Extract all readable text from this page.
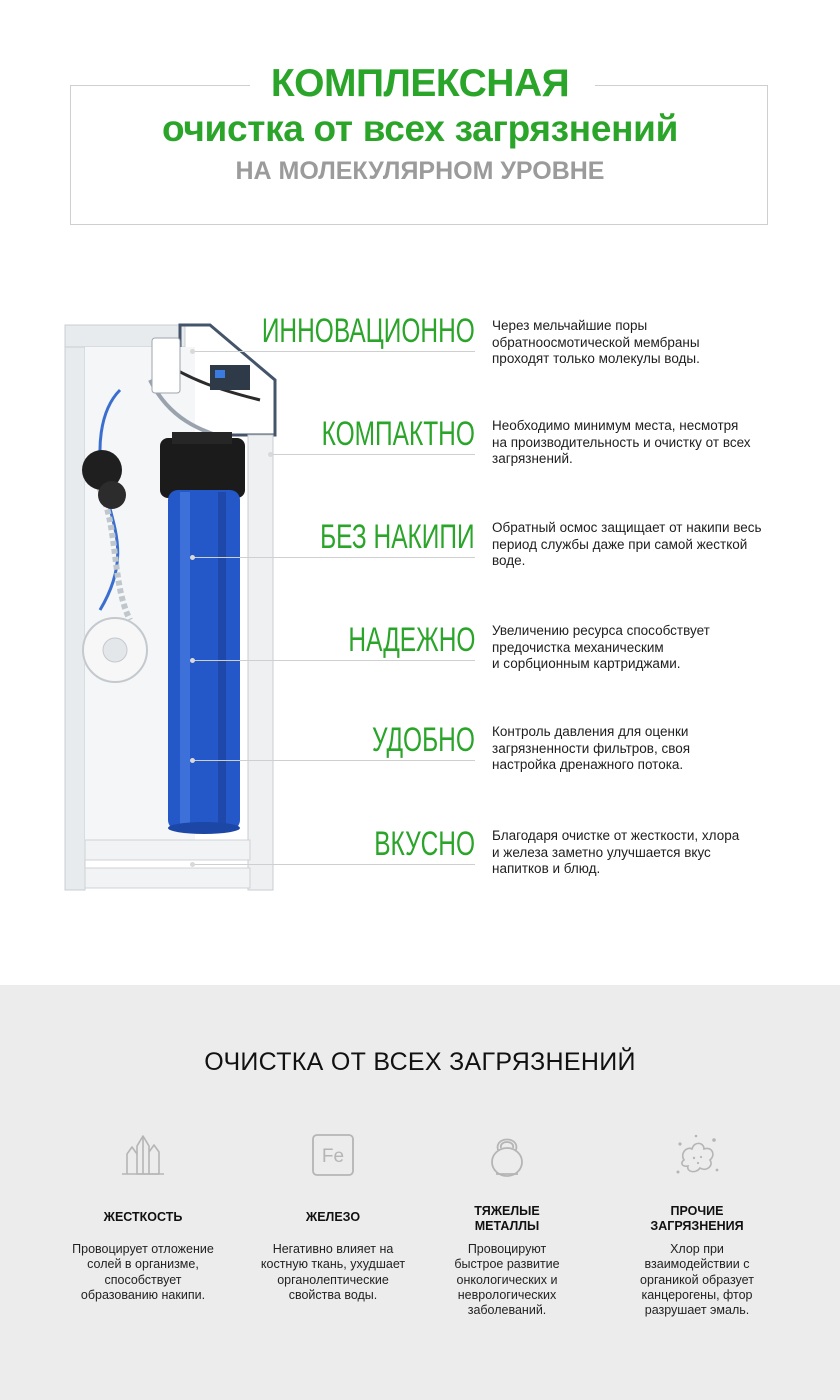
КОМПЛЕКСНАЯ
очистка от всех загрязнений
НА МОЛЕКУЛЯРНОМ УРОВНЕ
ИННОВАЦИОННО
КОМПАКТНО
БЕЗ НАКИПИ
НАДЕЖНО
УДОБНО
ВКУСНО
Через мельчайшие поры
обратноосмотической мембраны
проходят только молекулы воды.
Необходимо минимум места, несмотря
на производительность и очистку от всех
загрязнений.
Обратный осмос защищает от накипи весь
период службы даже при самой жесткой
воде.
Увеличению ресурса способствует
предочистка механическим
и сорбционным картриджами.
Контроль давления для оценки
загрязненности фильтров, своя
настройка дренажного потока.
Благодаря очистке от жесткости, хлора
и железа заметно улучшается вкус
напитков и блюд.
ОЧИСТКА ОТ ВСЕХ ЗАГРЯЗНЕНИЙ
ЖЕСТКОСТЬ
Провоцирует отложение
солей в организме,
способствует
образованию накипи.
Fe
ЖЕЛЕЗО
Негативно влияет на
костную ткань, ухудшает
органолептические
свойства воды.
ТЯЖЕЛЫЕ
МЕТАЛЛЫ
Провоцируют
быстрое развитие
онкологических и
неврологических
заболеваний.
ПРОЧИЕ
ЗАГРЯЗНЕНИЯ
Хлор при
взаимодействии с
органикой образует
канцерогены, фтор
разрушает эмаль.
